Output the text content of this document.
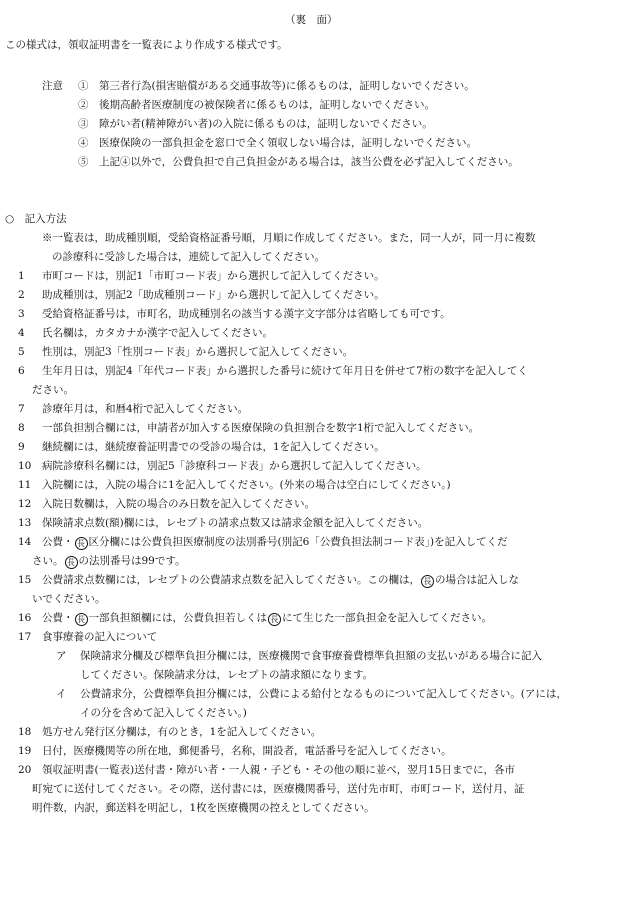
（裏　面）
この様式は，領収証明書を一覧表により作成する様式です。
注意 ①　 第三者行為(損害賠償がある交通事故等)に係るものは，証明しないでください。
②　 後期高齢者医療制度の被保険者に係るものは，証明しないでください。
③　 障がい者(精神障がい者)の入院に係るものは，証明しないでください。
④　 医療保険の一部負担金を窓口で全く領収しない場合は，証明しないでください。
⑤　 上記④以外で，公費負担で自己負担金がある場合は，該当公費を必ず記入してください。
○　記入方法
※一覧表は，助成種別順，受給資格証番号順，月順に作成してください。また，同一人が，同一月に複数
の診療科に受診した場合は，連続して記入してください。
1 市町コードは，別記1「市町コード表」から選択して記入してください。
2 助成種別は，別記2「助成種別コード」から選択して記入してください。
3 受給資格証番号は，市町名，助成種別名の該当する漢字文字部分は省略しても可です。
4 氏名欄は，カタカナか漢字で記入してください。
5 性別は，別記3「性別コード表」から選択して記入してください。
6 生年月日は，別記4「年代コード表」から選択した番号に続けて年月日を併せて7桁の数字を記入してく
ださい。
7 診療年月は，和暦4桁で記入してください。
8 一部負担割合欄には，申請者が加入する医療保険の負担割合を数字1桁で記入してください。
9 継続欄には，継続療養証明書での受診の場合は，1を記入してください。
10 病院診療科名欄には，別記5「診療科コード表」から選択して記入してください。
11 入院欄には，入院の場合に1を記入してください。(外来の場合は空白にしてください。)
12 入院日数欄は，入院の場合のみ日数を記入してください。
13 保険請求点数(額)欄には，レセプトの請求点数又は請求金額を記入してください。
14 公費・ 長 区分欄には公費負担医療制度の法別番号(別記6「公費負担法制コード表」)を記入してくだ
さい。 長 の法別番号は99です。
15 公費請求点数欄には，レセプトの公費請求点数を記入してください。この欄は， 長 の場合は記入しな
いでください。
16 公費・ 長 一部負担額欄には，公費負担若しくは 長 にて生じた一部負担金を記入してください。
17 食事療養の記入について
ア 保険請求分欄及び標準負担分欄には，医療機関で食事療養費標準負担額の支払いがある場合に記入
してください。保険請求分は，レセプトの請求額になります。
イ 公費請求分，公費標準負担分欄には，公費による給付となるものについて記入してください。(アには，
イの分を含めて記入してください。)
18 処方せん発行区分欄は，有のとき，1を記入してください。
19 日付，医療機関等の所在地，郵便番号，名称，開設者，電話番号を記入してください。
20 領収証明書(一覧表)送付書・障がい者・一人親・子ども・その他の順に並べ，翌月15日までに，各市
町宛てに送付してください。その際，送付書には，医療機関番号，送付先市町，市町コード，送付月，証
明件数，内訳，郵送料を明記し，1枚を医療機関の控えとしてください。
